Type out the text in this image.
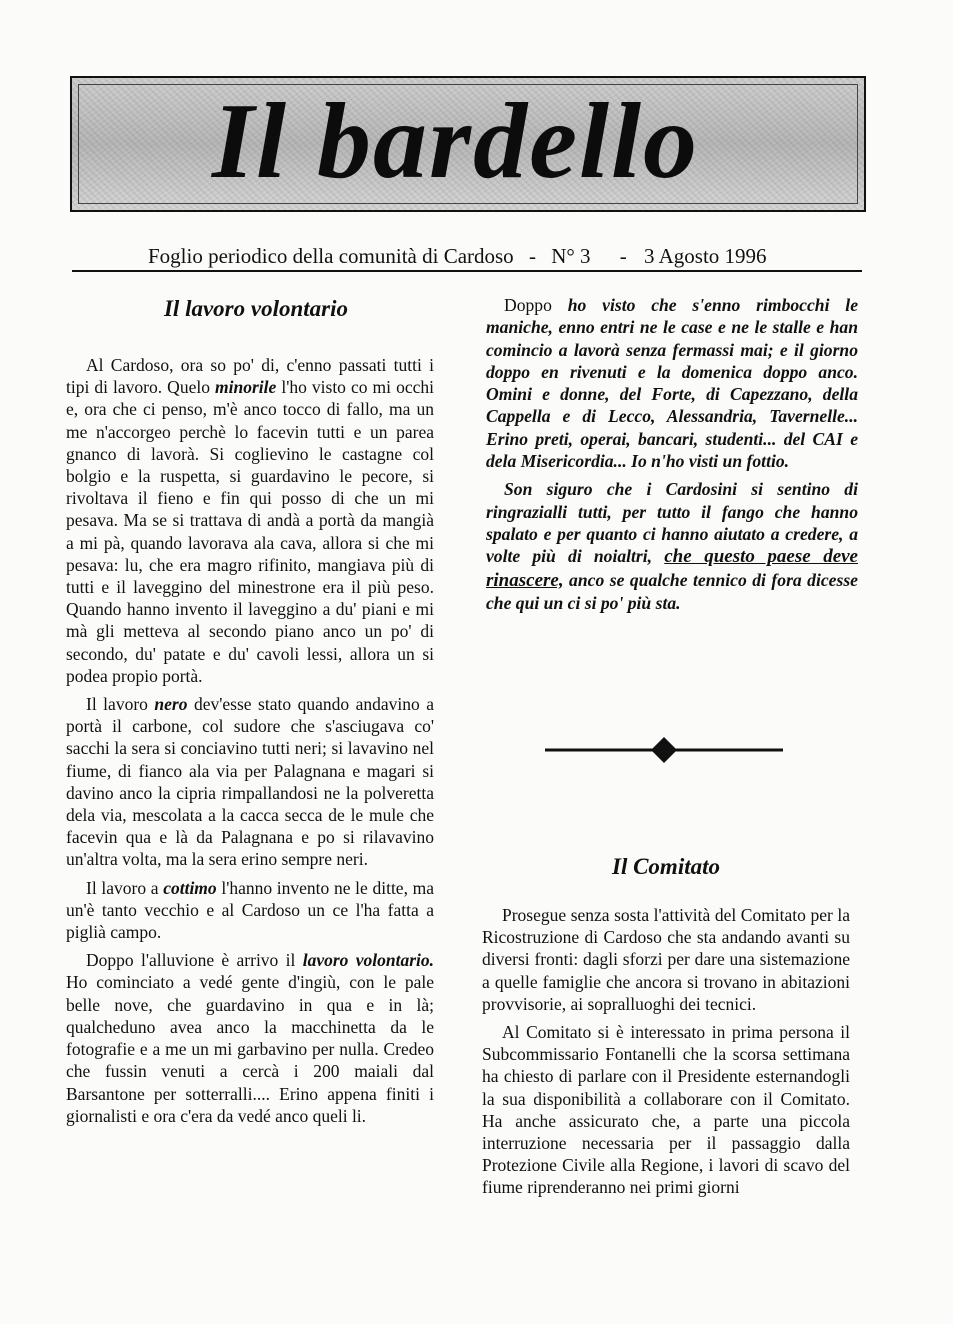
Il bardello
Foglio periodico della comunità di Cardoso - N° 3 - 3 Agosto 1996
Il lavoro volontario

Al Cardoso, ora so po' di, c'enno passati tutti i tipi di lavoro. Quelo minorile l'ho visto co mi occhi e, ora che ci penso, m'è anco tocco di fallo, ma un me n'accorgeo perchè lo facevin tutti e un parea gnanco di lavorà. Si coglievino le castagne col bolgio e la ruspetta, si guardavino le pecore, si rivoltava il fieno e fin qui posso di che un mi pesava. Ma se si trattava di andà a portà da mangià a mi pà, quando lavorava ala cava, allora si che mi pesava: lu, che era magro rifinito, mangiava più di tutti e il laveggino del minestrone era il più peso. Quando hanno invento il laveggino a du' piani e mi mà gli metteva al secondo piano anco un po' di secondo, du' patate e du' cavoli lessi, allora un si podea propio portà.

Il lavoro nero dev'esse stato quando andavino a portà il carbone, col sudore che s'asciugava co' sacchi la sera si conciavino tutti neri; si lavavino nel fiume, di fianco ala via per Palagnana e magari si davino anco la cipria rimpallandosi ne la polveretta dela via, mescolata a la cacca secca de le mule che facevin qua e là da Palagnana e po si rilavavino un'altra volta, ma la sera erino sempre neri.

Il lavoro a cottimo l'hanno invento ne le ditte, ma un'è tanto vecchio e al Cardoso un ce l'ha fatta a piglià campo.

Doppo l'alluvione è arrivo il lavoro volontario. Ho cominciato a vedé gente d'ingiù, con le pale belle nove, che guardavino in qua e in là; qualcheduno avea anco la macchinetta da le fotografie e a me un mi garbavino per nulla. Credeo che fussin venuti a cercà i 200 maiali dal Barsantone per sotterralli.... Erino appena finiti i giornalisti e ora c'era da vedé anco queli li.

Doppo ho visto che s'enno rimbocchi le maniche, enno entri ne le case e ne le stalle e han comincio a lavorà senza fermassi mai; e il giorno doppo en rivenuti e la domenica doppo anco. Omini e donne, del Forte, di Capezzano, della Cappella e di Lecco, Alessandria, Tavernelle... Erino preti, operai, bancari, studenti... del CAI e dela Misericordia... Io n'ho visti un fottio.

Son siguro che i Cardosini si sentino di ringrazialli tutti, per tutto il fango che hanno spalato e per quanto ci hanno aiutato a credere, a volte più di noialtri, che questo paese deve rinascere, anco se qualche tennico di fora dicesse che qui un ci si po' più sta.

Il Comitato

Prosegue senza sosta l'attività del Comitato per la Ricostruzione di Cardoso che sta andando avanti su diversi fronti: dagli sforzi per dare una sistemazione a quelle famiglie che ancora si trovano in abitazioni provvisorie, ai sopralluoghi dei tecnici.

Al Comitato si è interessato in prima persona il Subcommissario Fontanelli che la scorsa settimana ha chiesto di parlare con il Presidente esternandogli la sua disponibilità a collaborare con il Comitato. Ha anche assicurato che, a parte una piccola interruzione necessaria per il passaggio dalla Protezione Civile alla Regione, i lavori di scavo del fiume riprenderanno nei primi giorni
